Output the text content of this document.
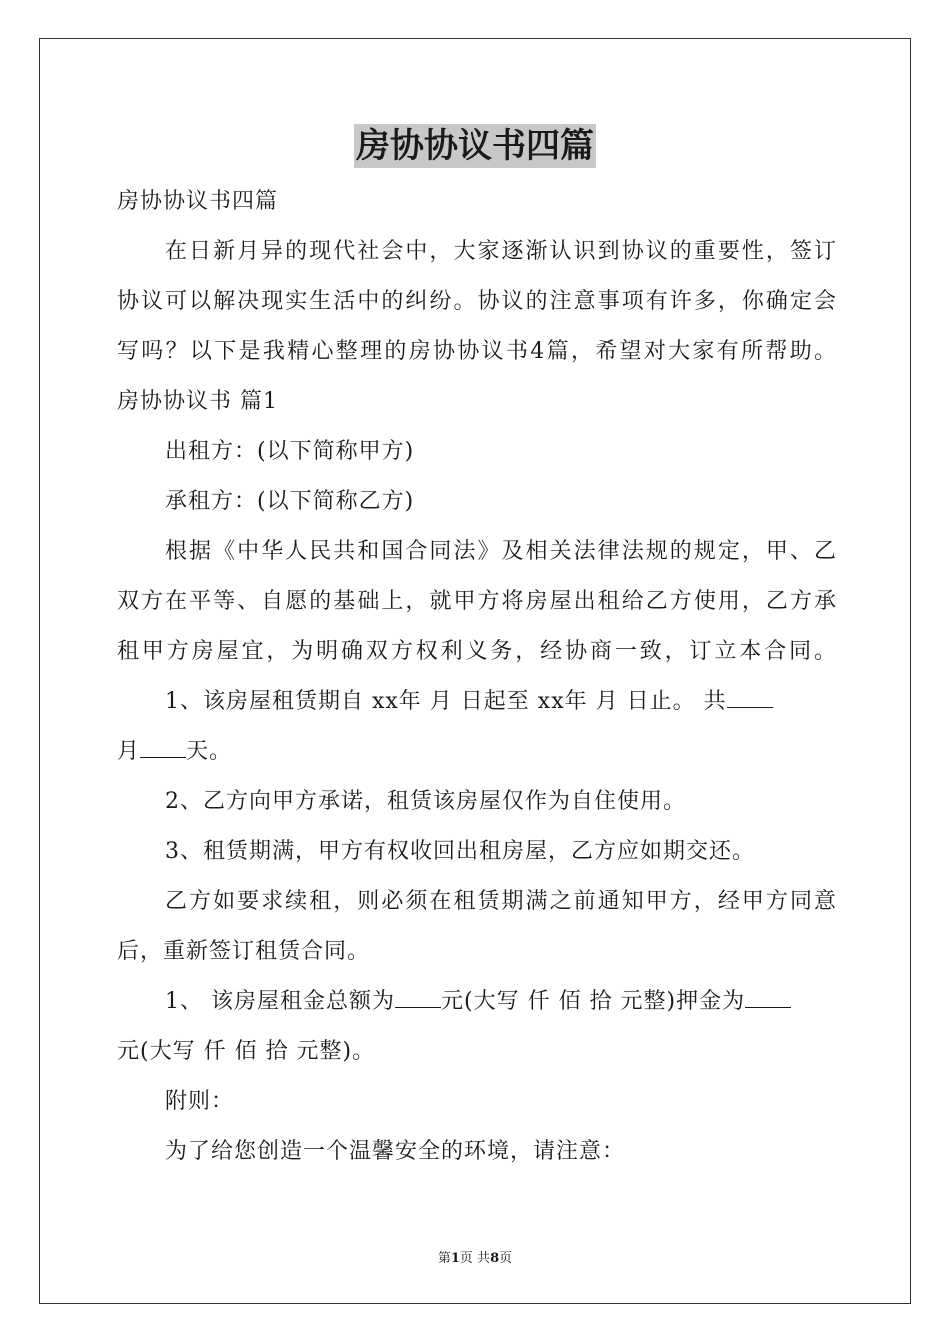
房协协议书四篇

房协协议书四篇

在日新月异的现代社会中，大家逐渐认识到协议的重要性，签订

协议可以解决现实生活中的纠纷。协议的注意事项有许多，你确定会

写吗？以下是我精心整理的房协协议书4篇，希望对大家有所帮助。

房协协议书 篇1

出租方：(以下简称甲方)

承租方：(以下简称乙方)

根据《中华人民共和国合同法》及相关法律法规的规定，甲、乙

双方在平等、自愿的基础上，就甲方将房屋出租给乙方使用，乙方承

租甲方房屋宜，为明确双方权利义务，经协商一致，订立本合同。

1、该房屋租赁期自 xx年 月 日起至 xx年 月 日止。 共

月 天。

2、乙方向甲方承诺，租赁该房屋仅作为自住使用。

3、租赁期满，甲方有权收回出租房屋，乙方应如期交还。

乙方如要求续租，则必须在租赁期满之前通知甲方，经甲方同意

后，重新签订租赁合同。

1、 该房屋租金总额为 元(大写 仟 佰 拾 元整)押金为

元(大写 仟 佰 拾 元整)。

附则：

为了给您创造一个温馨安全的环境，请注意：

第1页 共8页
